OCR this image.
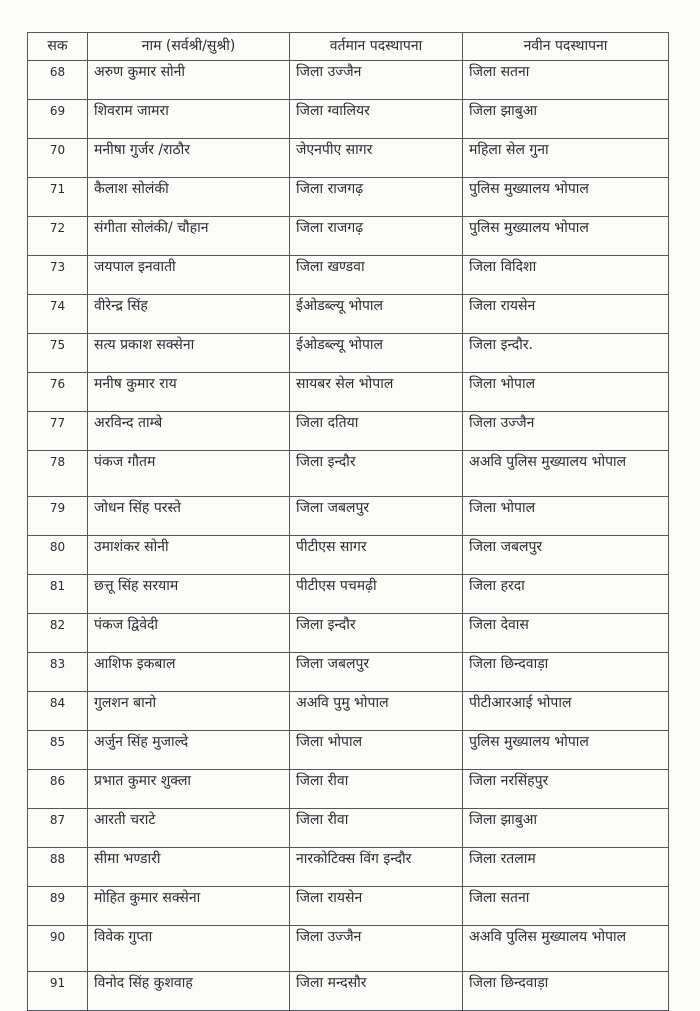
सक	नाम (सर्वश्री/सुश्री)	वर्तमान पदस्थापना	नवीन पदस्थापना
68	अरुण कुमार सोनी	जिला उज्जैन	जिला सतना
69	शिवराम जामरा	जिला ग्वालियर	जिला झाबुआ
70	मनीषा गुर्जर /राठौर	जेएनपीए सागर	महिला सेल गुना
71	कैलाश सोलंकी	जिला राजगढ़	पुलिस मुख्यालय भोपाल
72	संगीता सोलंकी/ चौहान	जिला राजगढ़	पुलिस मुख्यालय भोपाल
73	जयपाल इनवाती	जिला खण्डवा	जिला विदिशा
74	वीरेन्द्र सिंह	ईओडब्ल्यू भोपाल	जिला रायसेन
75	सत्य प्रकाश सक्सेना	ईओडब्ल्यू भोपाल	जिला इन्दौर.
76	मनीष कुमार राय	सायबर सेल भोपाल	जिला भोपाल
77	अरविन्द ताम्बे	जिला दतिया	जिला उज्जैन
78	पंकज गौतम	जिला इन्दौर	अअवि पुलिस मुख्यालय भोपाल
79	जोधन सिंह परस्ते	जिला जबलपुर	जिला भोपाल
80	उमाशंकर सोनी	पीटीएस सागर	जिला जबलपुर
81	छत्तू सिंह सरयाम	पीटीएस पचमढ़ी	जिला हरदा
82	पंकज द्विवेदी	जिला इन्दौर	जिला देवास
83	आशिफ इकबाल	जिला जबलपुर	जिला छिन्दवाड़ा
84	गुलशन बानो	अअवि पुमु भोपाल	पीटीआरआई भोपाल
85	अर्जुन सिंह मुजाल्दे	जिला भोपाल	पुलिस मुख्यालय भोपाल
86	प्रभात कुमार शुक्ला	जिला रीवा	जिला नरसिंहपुर
87	आरती चराटे	जिला रीवा	जिला झाबुआ
88	सीमा भण्डारी	नारकोटिक्स विंग इन्दौर	जिला रतलाम
89	मोहित कुमार सक्सेना	जिला रायसेन	जिला सतना
90	विवेक गुप्ता	जिला उज्जैन	अअवि पुलिस मुख्यालय भोपाल
91	विनोद सिंह कुशवाह	जिला मन्दसौर	जिला छिन्दवाड़ा
